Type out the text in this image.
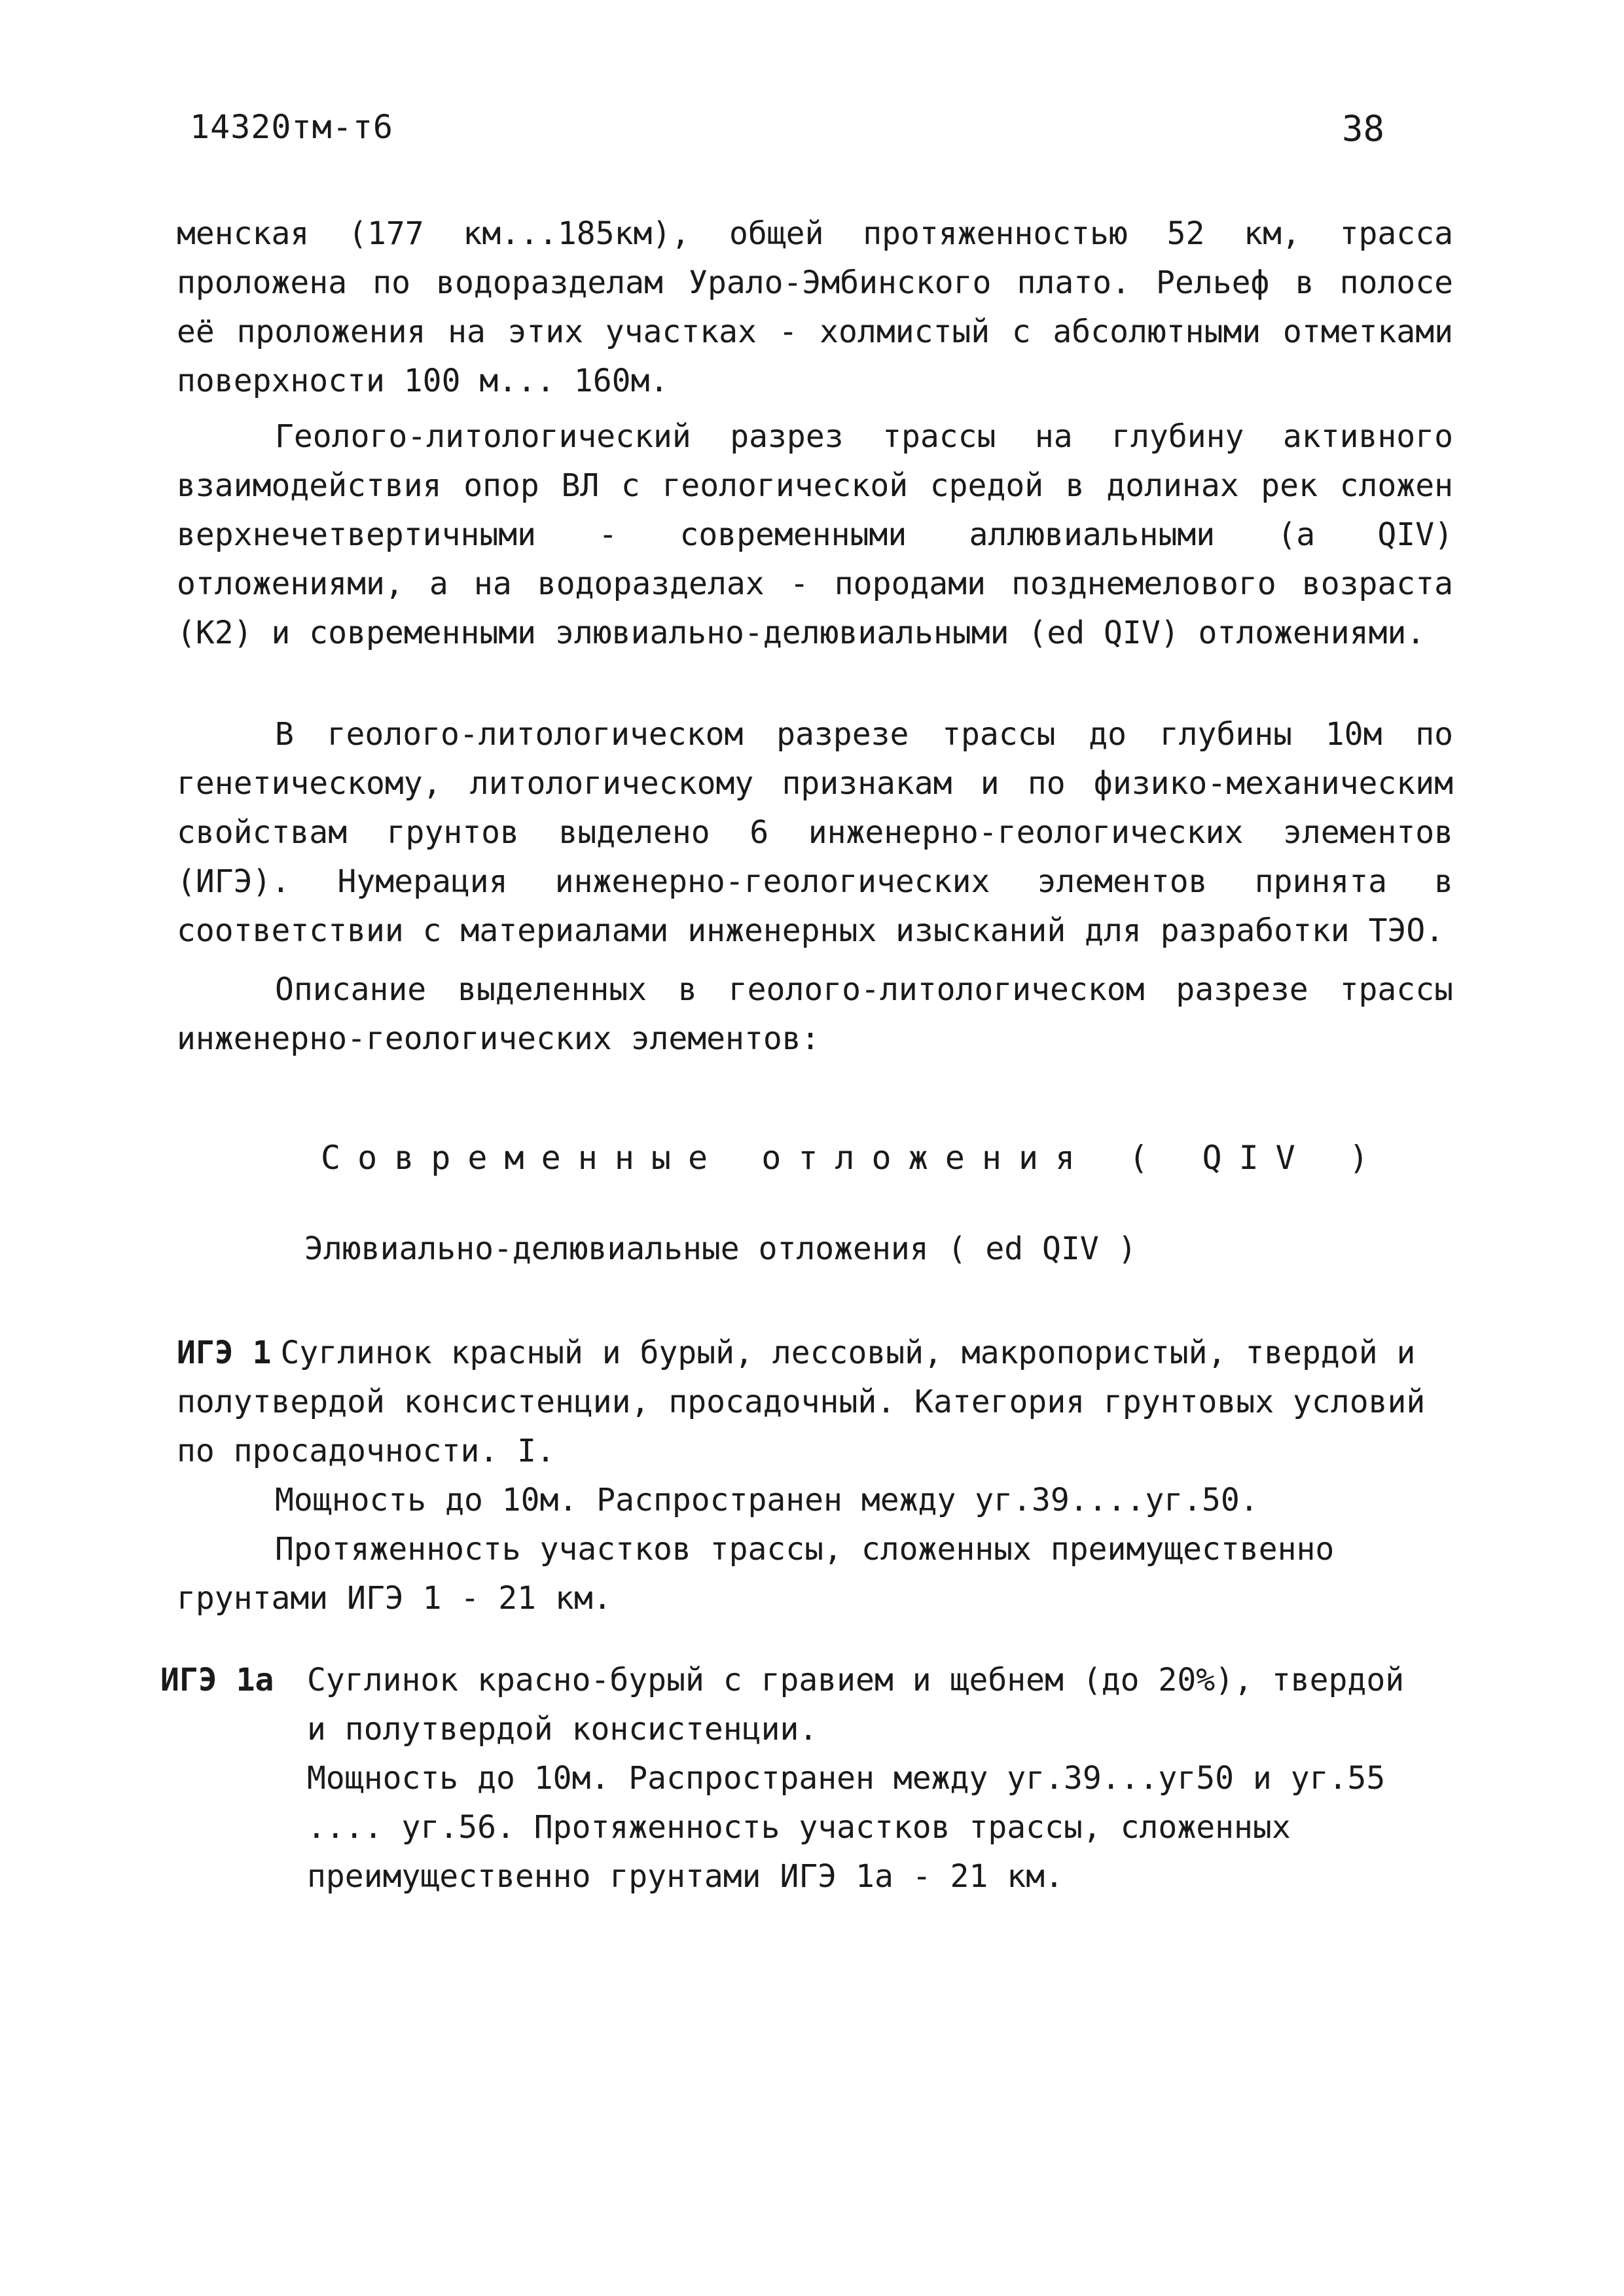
14320тм-т6	38

менская (177 км...185км), общей протяженностью 52 км, трасса проложена по водоразделам Урало-Эмбинского плато. Рельеф в полосе её проложения на этих участках - холмистый с абсолютными отметками поверхности 100 м... 160м.

Геолого-литологический разрез трассы на глубину активного взаимодействия опор ВЛ с геологической средой в долинах рек сложен верхнечетвертичными - современными аллювиальными (a QIV) отложениями, а на водоразделах - породами позднемелового возраста (К2) и современными элювиально-делювиальными (ed QIV) отложениями.

В геолого-литологическом разрезе трассы до глубины 10м по генетическому, литологическому признакам и по физико-механическим свойствам грунтов выделено 6 инженерно-геологических элементов (ИГЭ). Нумерация инженерно-геологических элементов принята в соответствии с материалами инженерных изысканий для разработки ТЭО.

Описание выделенных в геолого-литологическом разрезе трассы инженерно-геологических элементов:

Современные отложения ( QIV )
Элювиально-делювиальные отложения ( ed QIV )

ИГЭ 1 Суглинок красный и бурый, лессовый, макропористый, твердой и полутвердой консистенции, просадочный. Категория грунтовых условий по просадочности. I.

Мощность до 10м. Распространен между уг.39....уг.50.

Протяженность участков трассы, сложенных преимущественно грунтами ИГЭ 1 - 21 км.

ИГЭ 1а	Суглинок красно-бурый с гравием и щебнем (до 20%), твердой и полутвердой консистенции.

Мощность до 10м. Распространен между уг.39...уг50 и уг.55 .... уг.56. Протяженность участков трассы, сложенных преимущественно грунтами ИГЭ 1а - 21 км.
